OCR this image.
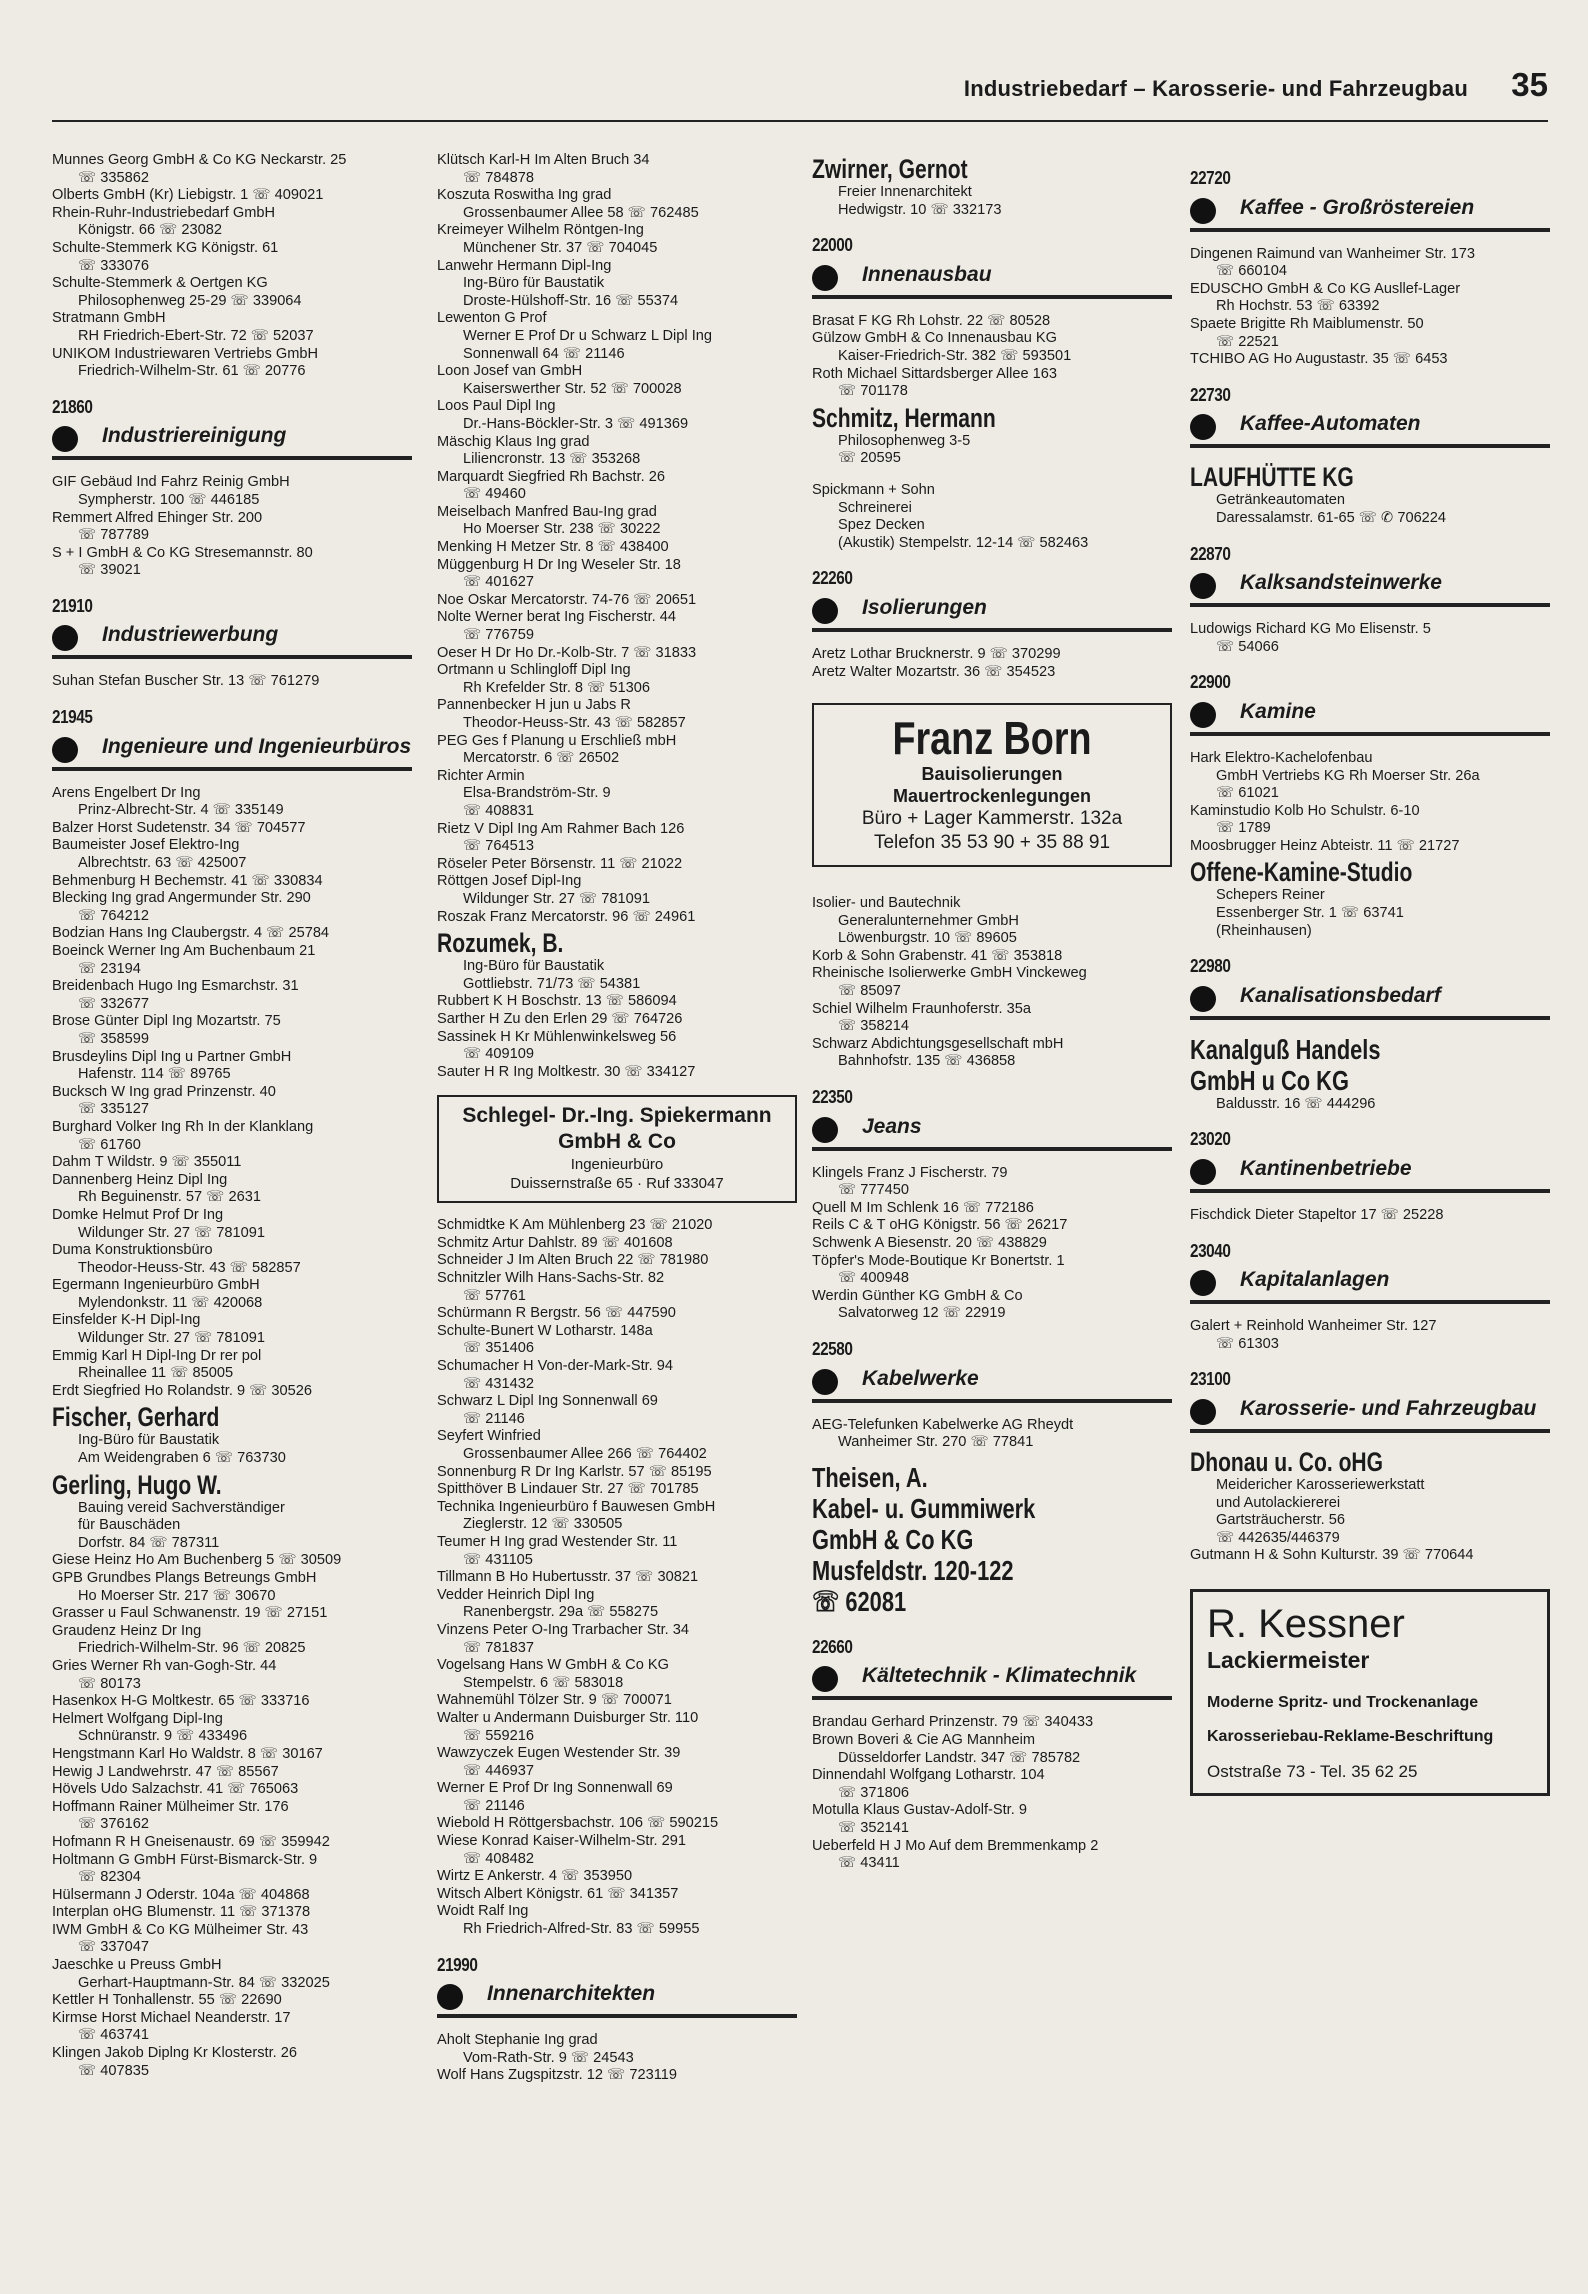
Industriebedarf – Karosserie- und Fahrzeugbau 35
Munnes Georg GmbH & Co KG Neckarstr. 25
☏ 335862
Olberts GmbH (Kr) Liebigstr. 1 ☏ 409021
Rhein-Ruhr-Industriebedarf GmbH
Königstr. 66 ☏ 23082
Schulte-Stemmerk KG Königstr. 61
☏ 333076
Schulte-Stemmerk & Oertgen KG
Philosophenweg 25-29 ☏ 339064
Stratmann GmbH
RH Friedrich-Ebert-Str. 72 ☏ 52037
UNIKOM Industriewaren Vertriebs GmbH
Friedrich-Wilhelm-Str. 61 ☏ 20776
21860
Industriereinigung
GIF Gebäud Ind Fahrz Reinig GmbH
Sympherstr. 100 ☏ 446185
Remmert Alfred Ehinger Str. 200
☏ 787789
S + I GmbH & Co KG Stresemannstr. 80
☏ 39021
21910
Industriewerbung
Suhan Stefan Buscher Str. 13 ☏ 761279
21945
Ingenieure und Ingenieurbüros
Arens Engelbert Dr Ing
Prinz-Albrecht-Str. 4 ☏ 335149
Balzer Horst Sudetenstr. 34 ☏ 704577
Baumeister Josef Elektro-Ing
Albrechtstr. 63 ☏ 425007
Behmenburg H Bechemstr. 41 ☏ 330834
Blecking Ing grad Angermunder Str. 290
☏ 764212
Bodzian Hans Ing Claubergstr. 4 ☏ 25784
Boeinck Werner Ing Am Buchenbaum 21
☏ 23194
Breidenbach Hugo Ing Esmarchstr. 31
☏ 332677
Brose Günter Dipl Ing Mozartstr. 75
☏ 358599
Brusdeylins Dipl Ing u Partner GmbH
Hafenstr. 114 ☏ 89765
Bucksch W Ing grad Prinzenstr. 40
☏ 335127
Burghard Volker Ing Rh In der Klanklang
☏ 61760
Dahm T Wildstr. 9 ☏ 355011
Dannenberg Heinz Dipl Ing
Rh Beguinenstr. 57 ☏ 2631
Domke Helmut Prof Dr Ing
Wildunger Str. 27 ☏ 781091
Duma Konstruktionsbüro
Theodor-Heuss-Str. 43 ☏ 582857
Egermann Ingenieurbüro GmbH
Mylendonkstr. 11 ☏ 420068
Einsfelder K-H Dipl-Ing
Wildunger Str. 27 ☏ 781091
Emmig Karl H Dipl-Ing Dr rer pol
Rheinallee 11 ☏ 85005
Erdt Siegfried Ho Rolandstr. 9 ☏ 30526
Fischer, Gerhard
Ing-Büro für Baustatik
Am Weidengraben 6 ☏ 763730
Gerling, Hugo W.
Bauing vereid Sachverständiger
für Bauschäden
Dorfstr. 84 ☏ 787311
Giese Heinz Ho Am Buchenberg 5 ☏ 30509
GPB Grundbes Plangs Betreungs GmbH
Ho Moerser Str. 217 ☏ 30670
Grasser u Faul Schwanenstr. 19 ☏ 27151
Graudenz Heinz Dr Ing
Friedrich-Wilhelm-Str. 96 ☏ 20825
Gries Werner Rh van-Gogh-Str. 44
☏ 80173
Hasenkox H-G Moltkestr. 65 ☏ 333716
Helmert Wolfgang Dipl-Ing
Schnüranstr. 9 ☏ 433496
Hengstmann Karl Ho Waldstr. 8 ☏ 30167
Hewig J Landwehrstr. 47 ☏ 85567
Hövels Udo Salzachstr. 41 ☏ 765063
Hoffmann Rainer Mülheimer Str. 176
☏ 376162
Hofmann R H Gneisenaustr. 69 ☏ 359942
Holtmann G GmbH Fürst-Bismarck-Str. 9
☏ 82304
Hülsermann J Oderstr. 104a ☏ 404868
Interplan oHG Blumenstr. 11 ☏ 371378
IWM GmbH & Co KG Mülheimer Str. 43
☏ 337047
Jaeschke u Preuss GmbH
Gerhart-Hauptmann-Str. 84 ☏ 332025
Kettler H Tonhallenstr. 55 ☏ 22690
Kirmse Horst Michael Neanderstr. 17
☏ 463741
Klingen Jakob Diplng Kr Klosterstr. 26
☏ 407835
Klütsch Karl-H Im Alten Bruch 34
☏ 784878
Koszuta Roswitha Ing grad
Grossenbaumer Allee 58 ☏ 762485
Kreimeyer Wilhelm Röntgen-Ing
Münchener Str. 37 ☏ 704045
Lanwehr Hermann Dipl-Ing
Ing-Büro für Baustatik
Droste-Hülshoff-Str. 16 ☏ 55374
Lewenton G Prof
Werner E Prof Dr u Schwarz L Dipl Ing
Sonnenwall 64 ☏ 21146
Loon Josef van GmbH
Kaiserswerther Str. 52 ☏ 700028
Loos Paul Dipl Ing
Dr.-Hans-Böckler-Str. 3 ☏ 491369
Mäschig Klaus Ing grad
Liliencronstr. 13 ☏ 353268
Marquardt Siegfried Rh Bachstr. 26
☏ 49460
Meiselbach Manfred Bau-Ing grad
Ho Moerser Str. 238 ☏ 30222
Menking H Metzer Str. 8 ☏ 438400
Müggenburg H Dr Ing Weseler Str. 18
☏ 401627
Noe Oskar Mercatorstr. 74-76 ☏ 20651
Nolte Werner berat Ing Fischerstr. 44
☏ 776759
Oeser H Dr Ho Dr.-Kolb-Str. 7 ☏ 31833
Ortmann u Schlingloff Dipl Ing
Rh Krefelder Str. 8 ☏ 51306
Pannenbecker H jun u Jabs R
Theodor-Heuss-Str. 43 ☏ 582857
PEG Ges f Planung u Erschließ mbH
Mercatorstr. 6 ☏ 26502
Richter Armin
Elsa-Brandström-Str. 9
☏ 408831
Rietz V Dipl Ing Am Rahmer Bach 126
☏ 764513
Röseler Peter Börsenstr. 11 ☏ 21022
Röttgen Josef Dipl-Ing
Wildunger Str. 27 ☏ 781091
Roszak Franz Mercatorstr. 96 ☏ 24961
Rozumek, B.
Ing-Büro für Baustatik
Gottliebstr. 71/73 ☏ 54381
Rubbert K H Boschstr. 13 ☏ 586094
Sarther H Zu den Erlen 29 ☏ 764726
Sassinek H Kr Mühlenwinkelsweg 56
☏ 409109
Sauter H R Ing Moltkestr. 30 ☏ 334127
Schlegel- Dr.-Ing. Spiekermann
GmbH & Co
Ingenieurbüro
Duissernstraße 65 · Ruf 333047
Schmidtke K Am Mühlenberg 23 ☏ 21020
Schmitz Artur Dahlstr. 89 ☏ 401608
Schneider J Im Alten Bruch 22 ☏ 781980
Schnitzler Wilh Hans-Sachs-Str. 82
☏ 57761
Schürmann R Bergstr. 56 ☏ 447590
Schulte-Bunert W Lotharstr. 148a
☏ 351406
Schumacher H Von-der-Mark-Str. 94
☏ 431432
Schwarz L Dipl Ing Sonnenwall 69
☏ 21146
Seyfert Winfried
Grossenbaumer Allee 266 ☏ 764402
Sonnenburg R Dr Ing Karlstr. 57 ☏ 85195
Spitthöver B Lindauer Str. 27 ☏ 701785
Technika Ingenieurbüro f Bauwesen GmbH
Zieglerstr. 12 ☏ 330505
Teumer H Ing grad Westender Str. 11
☏ 431105
Tillmann B Ho Hubertusstr. 37 ☏ 30821
Vedder Heinrich Dipl Ing
Ranenbergstr. 29a ☏ 558275
Vinzens Peter O-Ing Trarbacher Str. 34
☏ 781837
Vogelsang Hans W GmbH & Co KG
Stempelstr. 6 ☏ 583018
Wahnemühl Tölzer Str. 9 ☏ 700071
Walter u Andermann Duisburger Str. 110
☏ 559216
Wawzyczek Eugen Westender Str. 39
☏ 446937
Werner E Prof Dr Ing Sonnenwall 69
☏ 21146
Wiebold H Röttgersbachstr. 106 ☏ 590215
Wiese Konrad Kaiser-Wilhelm-Str. 291
☏ 408482
Wirtz E Ankerstr. 4 ☏ 353950
Witsch Albert Königstr. 61 ☏ 341357
Woidt Ralf Ing
Rh Friedrich-Alfred-Str. 83 ☏ 59955
21990
Innenarchitekten
Aholt Stephanie Ing grad
Vom-Rath-Str. 9 ☏ 24543
Wolf Hans Zugspitzstr. 12 ☏ 723119
Zwirner, Gernot
Freier Innenarchitekt
Hedwigstr. 10 ☏ 332173
22000
Innenausbau
Brasat F KG Rh Lohstr. 22 ☏ 80528
Gülzow GmbH & Co Innenausbau KG
Kaiser-Friedrich-Str. 382 ☏ 593501
Roth Michael Sittardsberger Allee 163
☏ 701178
Schmitz, Hermann
Philosophenweg 3-5
☏ 20595
Spickmann + Sohn
Schreinerei
Spez Decken
(Akustik) Stempelstr. 12-14 ☏ 582463
22260
Isolierungen
Aretz Lothar Brucknerstr. 9 ☏ 370299
Aretz Walter Mozartstr. 36 ☏ 354523
Franz Born
Bauisolierungen
Mauertrockenlegungen
Büro + Lager Kammerstr. 132a
Telefon 35 53 90 + 35 88 91
Isolier- und Bautechnik
Generalunternehmer GmbH
Löwenburgstr. 10 ☏ 89605
Korb & Sohn Grabenstr. 41 ☏ 353818
Rheinische Isolierwerke GmbH Vinckeweg
☏ 85097
Schiel Wilhelm Fraunhoferstr. 35a
☏ 358214
Schwarz Abdichtungsgesellschaft mbH
Bahnhofstr. 135 ☏ 436858
22350
Jeans
Klingels Franz J Fischerstr. 79
☏ 777450
Quell M Im Schlenk 16 ☏ 772186
Reils C & T oHG Königstr. 56 ☏ 26217
Schwenk A Biesenstr. 20 ☏ 438829
Töpfer's Mode-Boutique Kr Bonertstr. 1
☏ 400948
Werdin Günther KG GmbH & Co
Salvatorweg 12 ☏ 22919
22580
Kabelwerke
AEG-Telefunken Kabelwerke AG Rheydt
Wanheimer Str. 270 ☏ 77841
Theisen, A.
Kabel- u. Gummiwerk
GmbH & Co KG
Musfeldstr. 120-122
☏ 62081
22660
Kältetechnik - Klimatechnik
Brandau Gerhard Prinzenstr. 79 ☏ 340433
Brown Boveri & Cie AG Mannheim
Düsseldorfer Landstr. 347 ☏ 785782
Dinnendahl Wolfgang Lotharstr. 104
☏ 371806
Motulla Klaus Gustav-Adolf-Str. 9
☏ 352141
Ueberfeld H J Mo Auf dem Bremmenkamp 2
☏ 43411
22720
Kaffee - Großröstereien
Dingenen Raimund van Wanheimer Str. 173
☏ 660104
EDUSCHO GmbH & Co KG Ausllef-Lager
Rh Hochstr. 53 ☏ 63392
Spaete Brigitte Rh Maiblumenstr. 50
☏ 22521
TCHIBO AG Ho Augustastr. 35 ☏ 6453
22730
Kaffee-Automaten
LAUFHÜTTE KG
Getränkeautomaten
Daressalamstr. 61-65 ☏ ✆ 706224
22870
Kalksandsteinwerke
Ludowigs Richard KG Mo Elisenstr. 5
☏ 54066
22900
Kamine
Hark Elektro-Kachelofenbau
GmbH Vertriebs KG Rh Moerser Str. 26a
☏ 61021
Kaminstudio Kolb Ho Schulstr. 6-10
☏ 1789
Moosbrugger Heinz Abteistr. 11 ☏ 21727
Offene-Kamine-Studio
Schepers Reiner
Essenberger Str. 1 ☏ 63741
(Rheinhausen)
22980
Kanalisationsbedarf
Kanalguß Handels
GmbH u Co KG
Baldusstr. 16 ☏ 444296
23020
Kantinenbetriebe
Fischdick Dieter Stapeltor 17 ☏ 25228
23040
Kapitalanlagen
Galert + Reinhold Wanheimer Str. 127
☏ 61303
23100
Karosserie- und Fahrzeugbau
Dhonau u. Co. oHG
Meidericher Karosseriewerkstatt
und Autolackiererei
Gartsträucherstr. 56
☏ 442635/446379
Gutmann H & Sohn Kulturstr. 39 ☏ 770644
R. Kessner
Lackiermeister
Moderne Spritz- und Trockenanlage
Karosseriebau-Reklame-Beschriftung
Oststraße 73 - Tel. 35 62 25
